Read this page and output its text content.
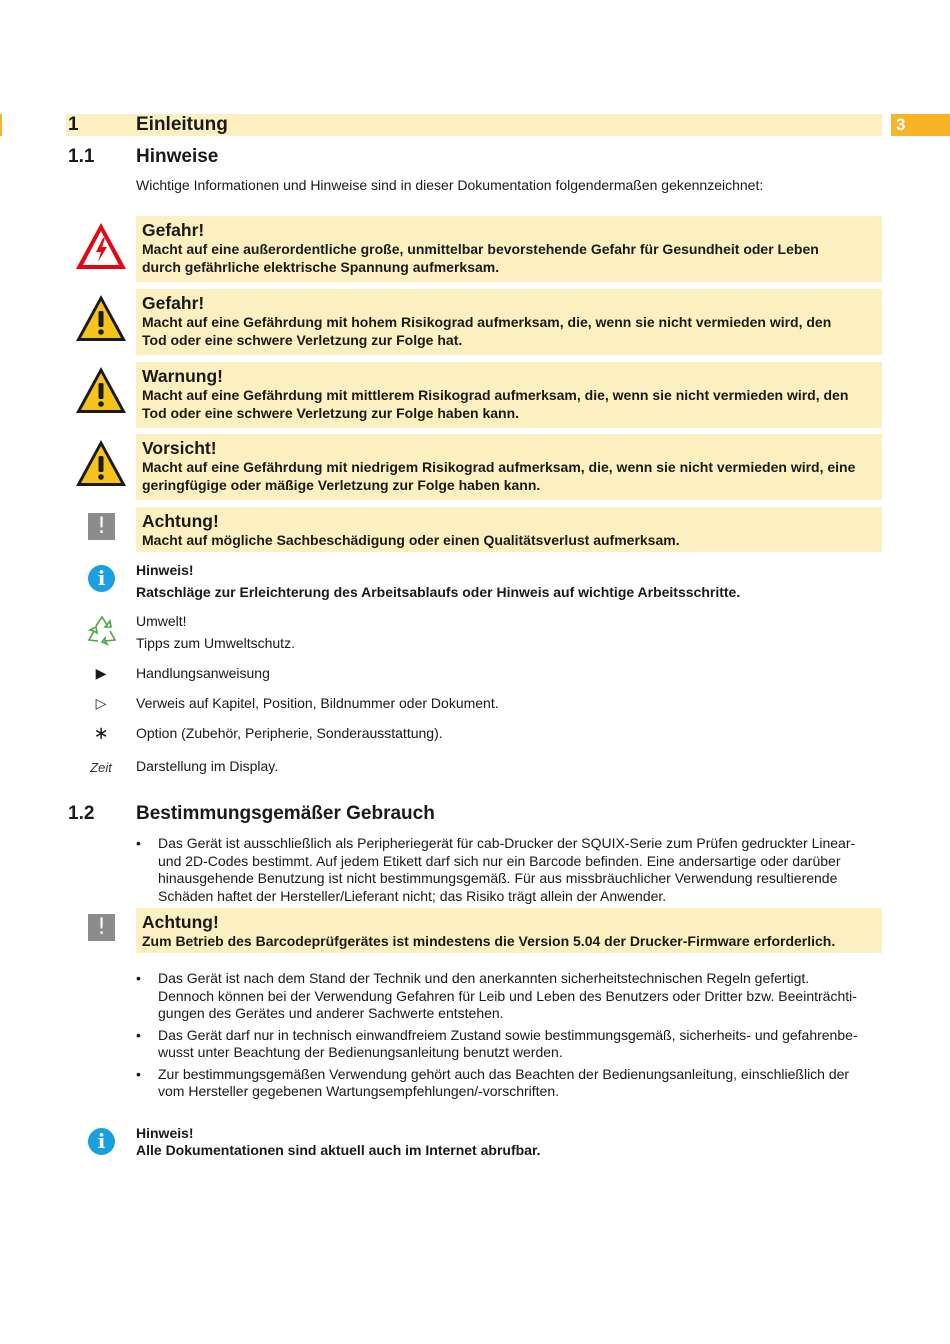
1	Einleitung	3
1.1 Hinweise
Wichtige Informationen und Hinweise sind in dieser Dokumentation folgendermaßen gekennzeichnet:
Gefahr!
Macht auf eine außerordentliche große, unmittelbar bevorstehende Gefahr für Gesundheit oder Leben
durch gefährliche elektrische Spannung aufmerksam.
Gefahr!
Macht auf eine Gefährdung mit hohem Risikograd aufmerksam, die, wenn sie nicht vermieden wird, den
Tod oder eine schwere Verletzung zur Folge hat.
Warnung!
Macht auf eine Gefährdung mit mittlerem Risikograd aufmerksam, die, wenn sie nicht vermieden wird, den
Tod oder eine schwere Verletzung zur Folge haben kann.
Vorsicht!
Macht auf eine Gefährdung mit niedrigem Risikograd aufmerksam, die, wenn sie nicht vermieden wird, eine
geringfügige oder mäßige Verletzung zur Folge haben kann.
!	Achtung!
Macht auf mögliche Sachbeschädigung oder einen Qualitätsverlust aufmerksam.
i	Hinweis!
Ratschläge zur Erleichterung des Arbeitsablaufs oder Hinweis auf wichtige Arbeitsschritte.
Umwelt!
Tipps zum Umweltschutz.
▶	Handlungsanweisung
▷	Verweis auf Kapitel, Position, Bildnummer oder Dokument.
∗	Option (Zubehör, Peripherie, Sonderausstattung).
Zeit Darstellung im Display.
1.2 Bestimmungsgemäßer Gebrauch
• Das Gerät ist ausschließlich als Peripheriegerät für cab-Drucker der SQUIX-Serie zum Prüfen gedruckter Linear-
und 2D-Codes bestimmt. Auf jedem Etikett darf sich nur ein Barcode befinden. Eine andersartige oder darüber
hinausgehende Benutzung ist nicht bestimmungsgemäß. Für aus missbräuchlicher Verwendung resultierende
Schäden haftet der Hersteller/Lieferant nicht; das Risiko trägt allein der Anwender.
!	Achtung!
Zum Betrieb des Barcodeprüfgerätes ist mindestens die Version 5.04 der Drucker-Firmware erforderlich.
• Das Gerät ist nach dem Stand der Technik und den anerkannten sicherheitstechnischen Regeln gefertigt.
Dennoch können bei der Verwendung Gefahren für Leib und Leben des Benutzers oder Dritter bzw. Beeinträchti-
gungen des Gerätes und anderer Sachwerte entstehen.
• Das Gerät darf nur in technisch einwandfreiem Zustand sowie bestimmungsgemäß, sicherheits- und gefahrenbe-
wusst unter Beachtung der Bedienungsanleitung benutzt werden.
• Zur bestimmungsgemäßen Verwendung gehört auch das Beachten der Bedienungsanleitung, einschließlich der
vom Hersteller gegebenen Wartungsempfehlungen/-vorschriften.
i	Hinweis!
Alle Dokumentationen sind aktuell auch im Internet abrufbar.
